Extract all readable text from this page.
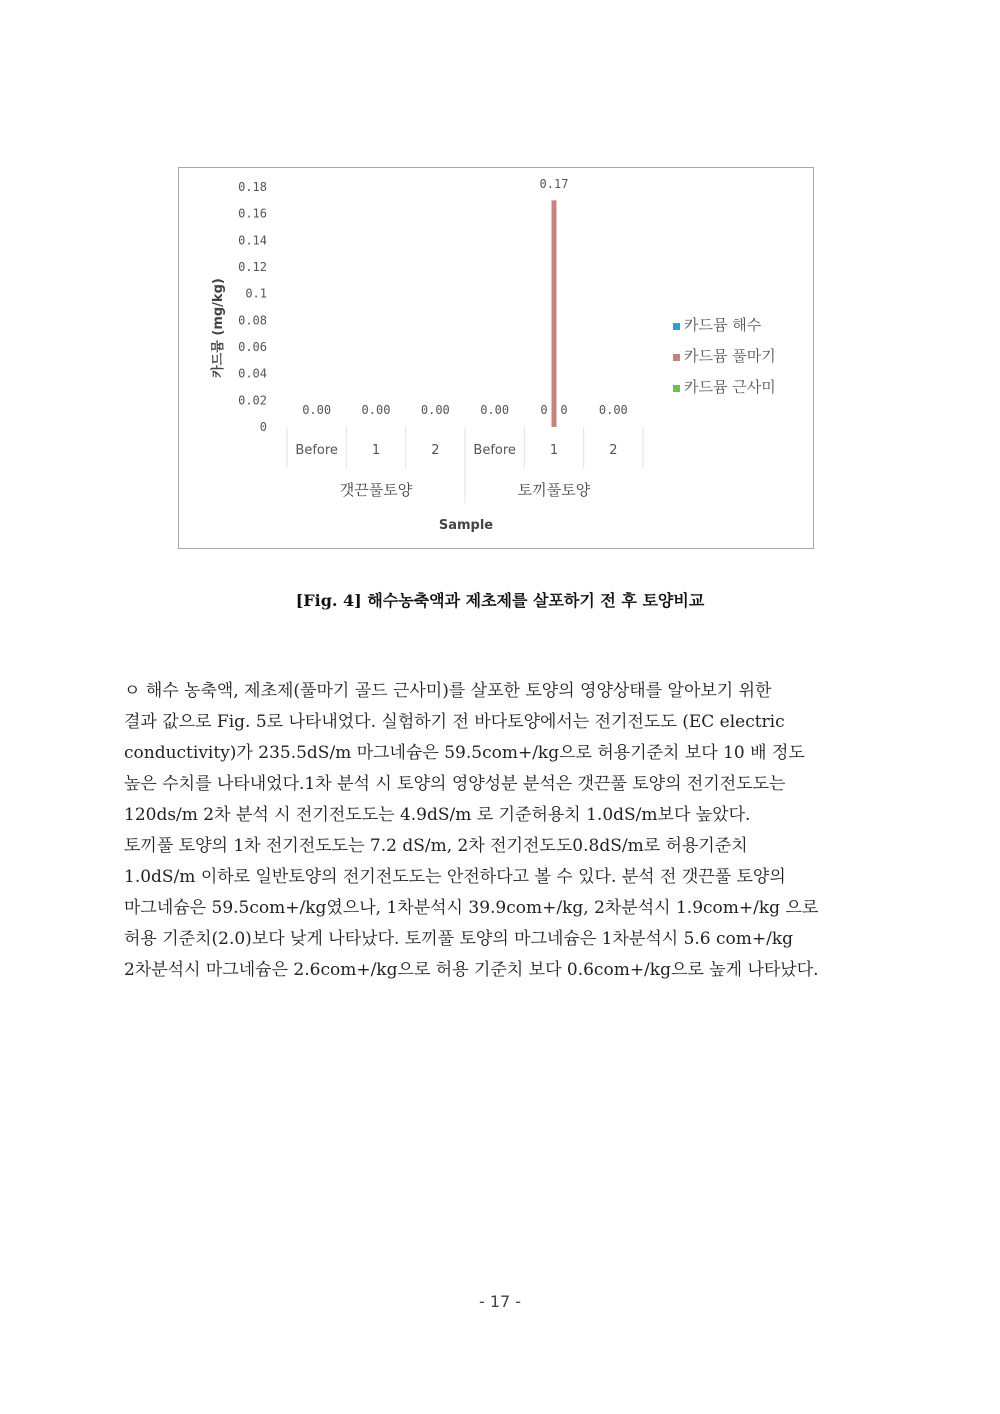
0
0.02
0.04
0.06
0.08
0.1
0.12
0.14
0.16
0.18
0.00	0.00	0.00	0.00	0 0	0.00
0.17
Before	1	2	Before	1	2
갯끈풀토양	토끼풀토양
카드뮴 (mg/kg)
Sample
카드뮴 해수
카드뮴 풀마기
카드뮴 근사미
[Fig. 4] 해수농축액과 제초제를 살포하기 전 후 토양비교
ㅇ 해수 농축액, 제초제(풀마기 골드 근사미)를 살포한 토양의 영양상태를 알아보기 위한
결과 값으로 Fig. 5로 나타내었다. 실험하기 전 바다토양에서는 전기전도도 (EC electric
conductivity)가 235.5dS/m 마그네슘은 59.5com+/kg으로 허용기준치 보다 10 배 정도
높은 수치를 나타내었다.1차 분석 시 토양의 영양성분 분석은 갯끈풀 토양의 전기전도도는
120ds/m 2차 분석 시 전기전도도는 4.9dS/m 로 기준허용치 1.0dS/m보다 높았다.
토끼풀 토양의 1차 전기전도도는 7.2 dS/m, 2차 전기전도도0.8dS/m로 허용기준치
1.0dS/m 이하로 일반토양의 전기전도도는 안전하다고 볼 수 있다. 분석 전 갯끈풀 토양의
마그네슘은 59.5com+/kg였으나, 1차분석시 39.9com+/kg, 2차분석시 1.9com+/kg 으로
허용 기준치(2.0)보다 낮게 나타났다. 토끼풀 토양의 마그네슘은 1차분석시 5.6 com+/kg
2차분석시 마그네슘은 2.6com+/kg으로 허용 기준치 보다 0.6com+/kg으로 높게 나타났다.
- 17 -
